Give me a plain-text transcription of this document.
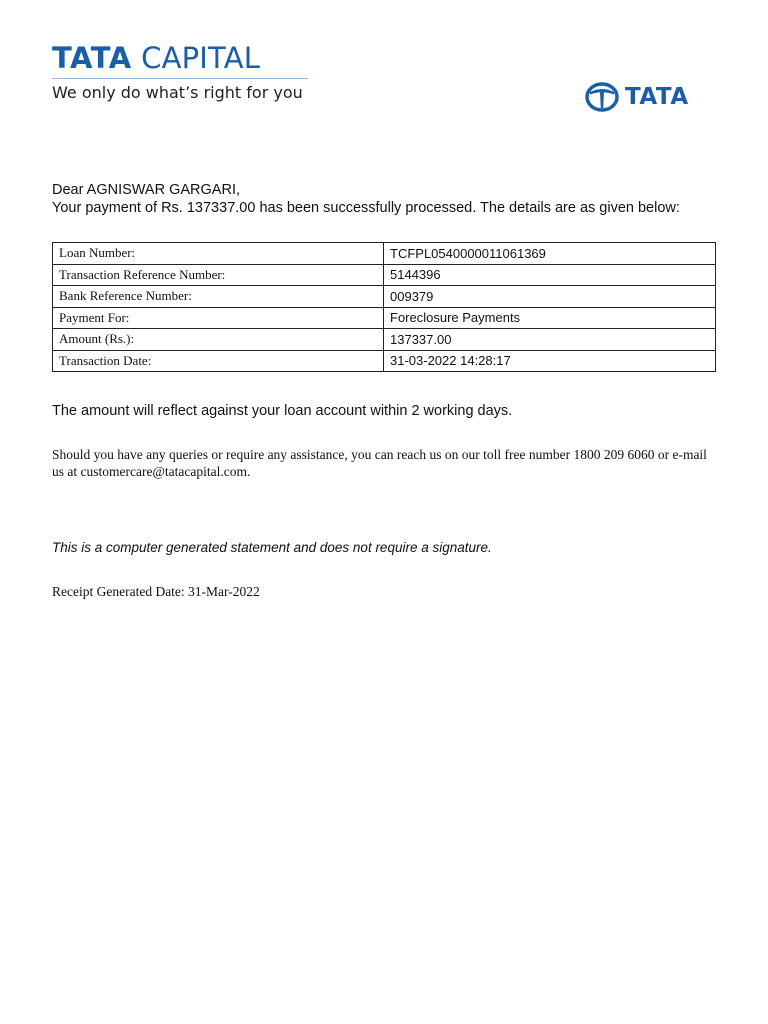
TATA CAPITAL
We only do what’s right for you	TATA
Dear AGNISWAR GARGARI,
Your payment of Rs. 137337.00 has been successfully processed. The details are as given below:
Loan Number:	TCFPL0540000011061369
Transaction Reference Number:	5144396
Bank Reference Number:	009379
Payment For:	Foreclosure Payments
Amount (Rs.):	137337.00
Transaction Date:	31-03-2022 14:28:17
The amount will reflect against your loan account within 2 working days.
Should you have any queries or require any assistance, you can reach us on our toll free number 1800 209 6060 or e-mail us at customercare@tatacapital.com.
This is a computer generated statement and does not require a signature.
Receipt Generated Date: 31-Mar-2022
